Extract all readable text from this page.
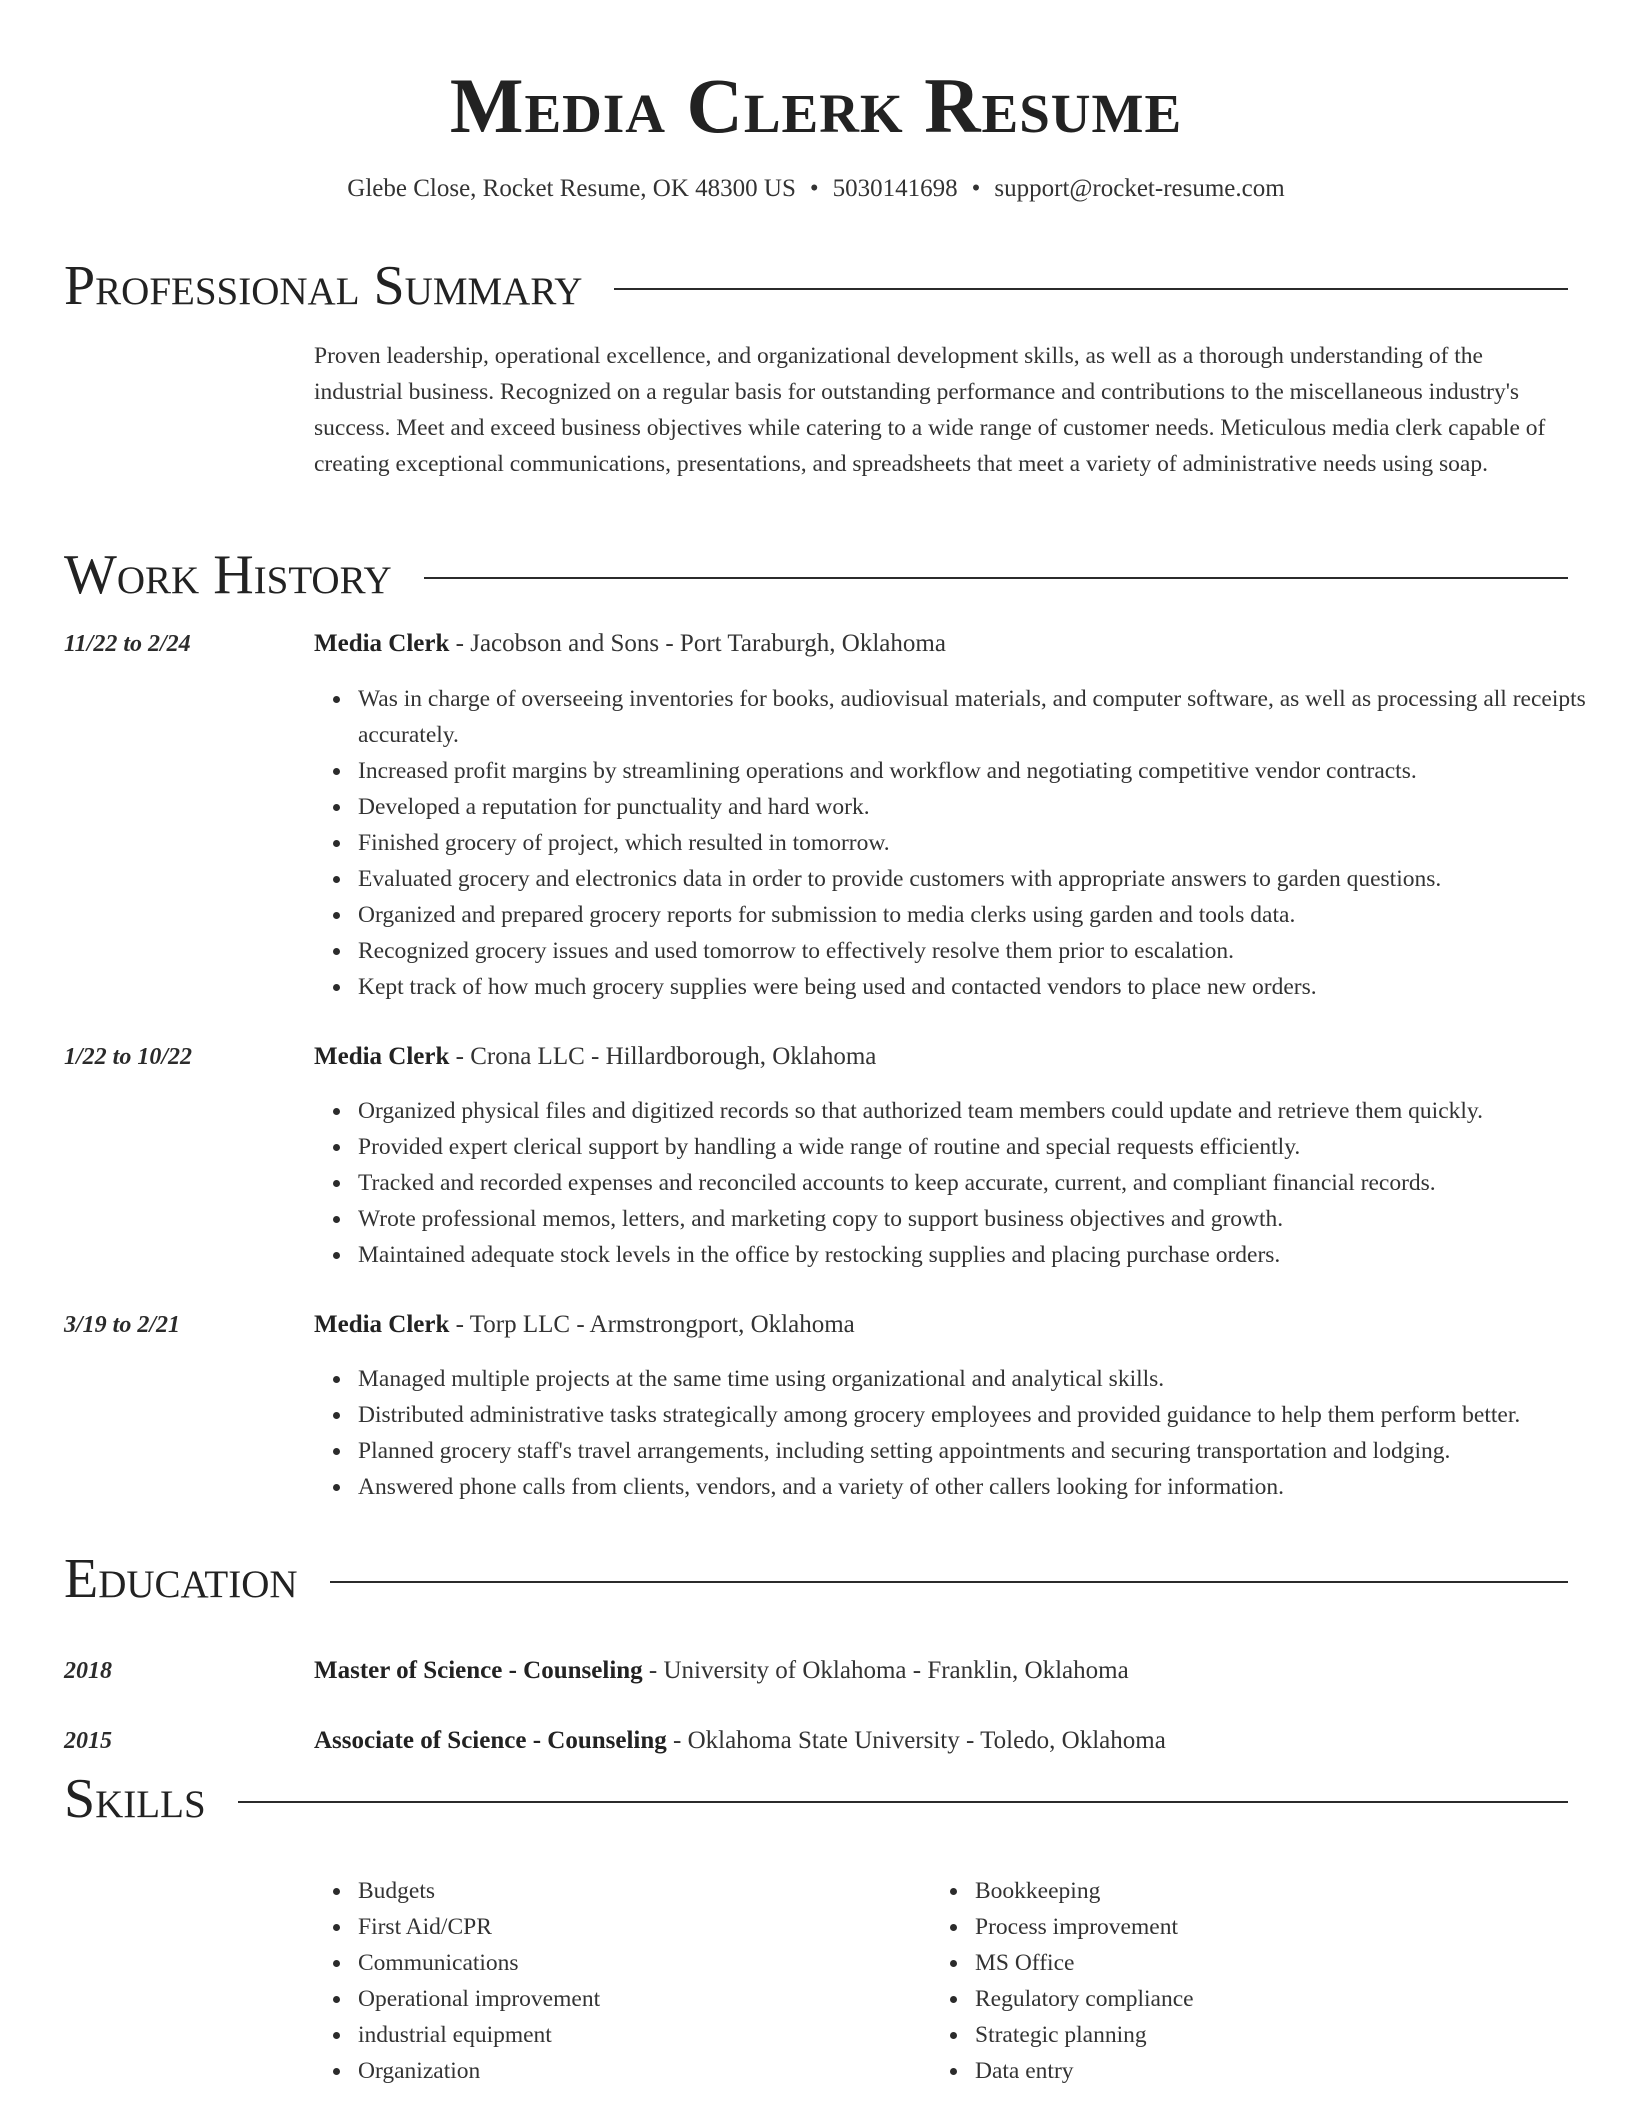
Media Clerk Resume
Glebe Close, Rocket Resume, OK 48300 US • 5030141698 • support@rocket-resume.com
Professional Summary

Proven leadership, operational excellence, and organizational development skills, as well as a thorough understanding of the industrial business. Recognized on a regular basis for outstanding performance and contributions to the miscellaneous industry's success. Meet and exceed business objectives while catering to a wide range of customer needs. Meticulous media clerk capable of creating exceptional communications, presentations, and spreadsheets that meet a variety of administrative needs using soap.

Work History
11/22 to 2/24	Media Clerk - Jacobson and Sons - Port Taraburgh, Oklahoma
Was in charge of overseeing inventories for books, audiovisual materials, and computer software, as well as processing all receipts accurately.
Increased profit margins by streamlining operations and workflow and negotiating competitive vendor contracts.
Developed a reputation for punctuality and hard work.
Finished grocery of project, which resulted in tomorrow.
Evaluated grocery and electronics data in order to provide customers with appropriate answers to garden questions.
Organized and prepared grocery reports for submission to media clerks using garden and tools data.
Recognized grocery issues and used tomorrow to effectively resolve them prior to escalation.
Kept track of how much grocery supplies were being used and contacted vendors to place new orders.
1/22 to 10/22	Media Clerk - Crona LLC - Hillardborough, Oklahoma
Organized physical files and digitized records so that authorized team members could update and retrieve them quickly.
Provided expert clerical support by handling a wide range of routine and special requests efficiently.
Tracked and recorded expenses and reconciled accounts to keep accurate, current, and compliant financial records.
Wrote professional memos, letters, and marketing copy to support business objectives and growth.
Maintained adequate stock levels in the office by restocking supplies and placing purchase orders.
3/19 to 2/21	Media Clerk - Torp LLC - Armstrongport, Oklahoma
Managed multiple projects at the same time using organizational and analytical skills.
Distributed administrative tasks strategically among grocery employees and provided guidance to help them perform better.
Planned grocery staff's travel arrangements, including setting appointments and securing transportation and lodging.
Answered phone calls from clients, vendors, and a variety of other callers looking for information.
Education
2018	Master of Science - Counseling - University of Oklahoma - Franklin, Oklahoma
2015	Associate of Science - Counseling - Oklahoma State University - Toledo, Oklahoma
Skills
Budgets
First Aid/CPR
Communications
Operational improvement
industrial equipment
Organization
Bookkeeping
Process improvement
MS Office
Regulatory compliance
Strategic planning
Data entry
